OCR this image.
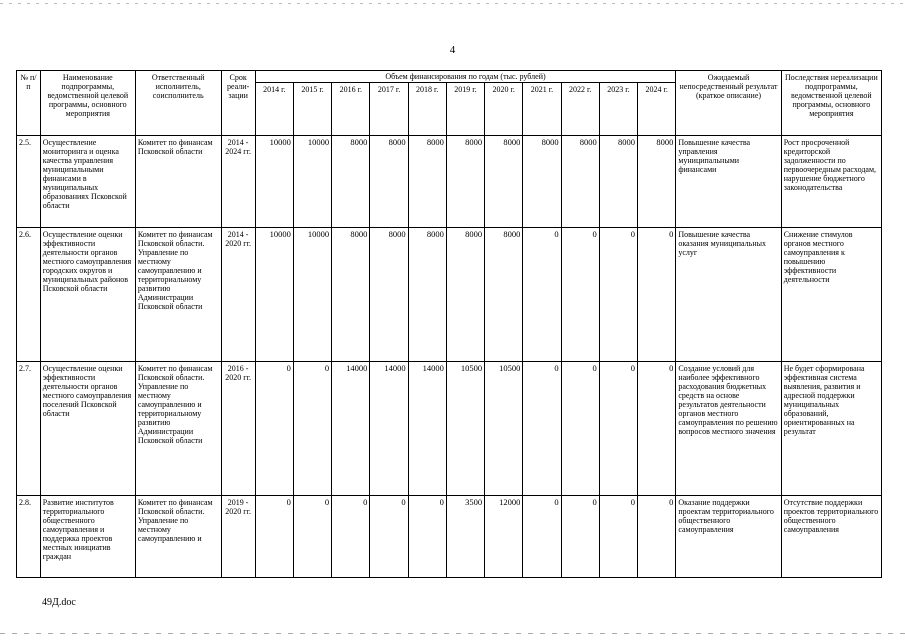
4
№ п/п	Наименование подпрограммы, ведомственной целевой программы, основного мероприятия	Ответственный исполнитель, соисполнитель	Срок реали-зации	Объем финансирования по годам (тыс. рублей)											Ожидаемый непосредственный результат (краткое описание)	Последствия нереализации подпрограммы, ведомственной целевой программы, основного мероприятия
				2014 г.	2015 г.	2016 г.	2017 г.	2018 г.	2019 г.	2020 г.	2021 г.	2022 г.	2023 г.	2024 г.		
2.5.	Осуществление мониторинга и оценка качества управления муниципальными финансами в муниципальных образованиях Псковской области	Комитет по финансам Псковской области	2014 - 2024 гг.	10000	10000	8000	8000	8000	8000	8000	8000	8000	8000	8000	Повышение качества управления муниципальными финансами	Рост просроченной кредиторской задолженности по первоочередным расходам, нарушение бюджетного законодательства
2.6.	Осуществление оценки эффективности деятельности органов местного самоуправления городских округов и муниципальных районов Псковской области	Комитет по финансам Псковской области. Управление по местному самоуправлению и территориальному развитию Администрации Псковской области	2014 - 2020 гг.	10000	10000	8000	8000	8000	8000	8000	0	0	0	0	Повышение качества оказания муниципальных услуг	Снижение стимулов органов местного самоуправления к повышению эффективности деятельности
2.7.	Осуществление оценки эффективности деятельности органов местного самоуправления поселений Псковской области	Комитет по финансам Псковской области. Управление по местному самоуправлению и территориальному развитию Администрации Псковской области	2016 - 2020 гг.	0	0	14000	14000	14000	10500	10500	0	0	0	0	Создание условий для наиболее эффективного расходования бюджетных средств на основе результатов деятельности органов местного самоуправления по решению вопросов местного значения	Не будет сформирована эффективная система выявления, развития и адресной поддержки муниципальных образований, ориентированных на результат
2.8.	Развитие институтов территориального общественного самоуправления и поддержка проектов местных инициатив граждан	Комитет по финансам Псковской области. Управление по местному самоуправлению и	2019 - 2020 гг.	0	0	0	0	0	3500	12000	0	0	0	0	Оказание поддержки проектам территориального общественного самоуправления	Отсутствие поддержки проектов территориального общественного самоуправления
49Д.doc
